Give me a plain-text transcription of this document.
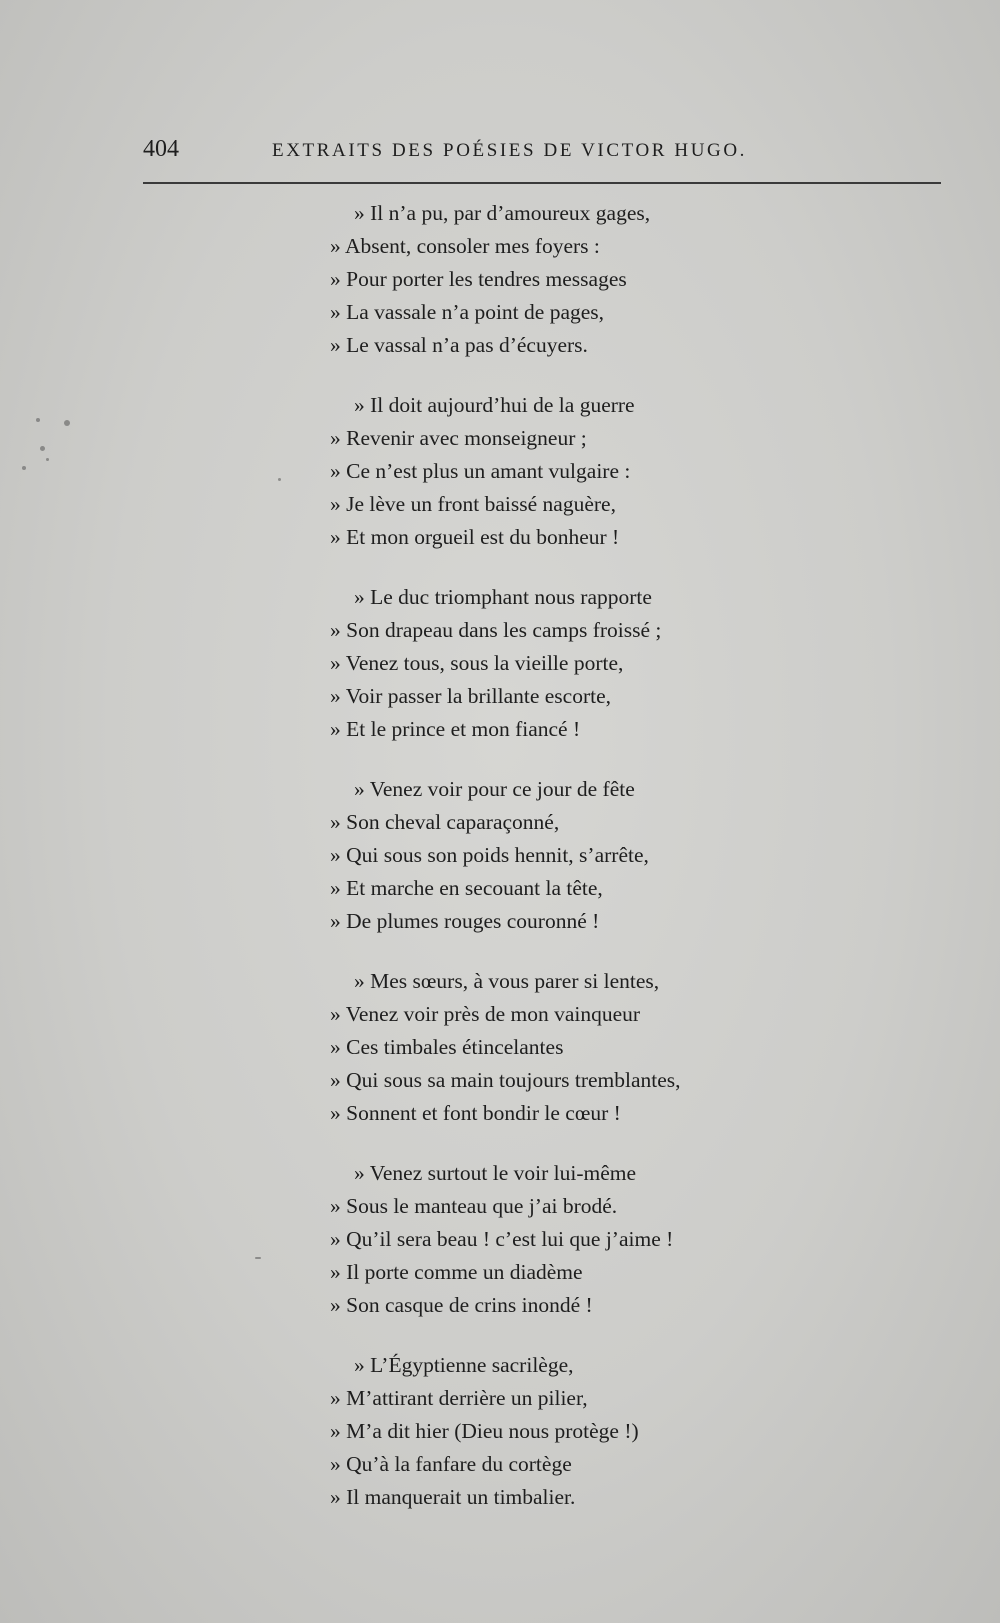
404	EXTRAITS DES POÉSIES DE VICTOR HUGO.
» Il n’a pu, par d’amoureux gages,
» Absent, consoler mes foyers :
» Pour porter les tendres messages
» La vassale n’a point de pages,
» Le vassal n’a pas d’écuyers.
» Il doit aujourd’hui de la guerre
» Revenir avec monseigneur ;
» Ce n’est plus un amant vulgaire :
» Je lève un front baissé naguère,
» Et mon orgueil est du bonheur !
» Le duc triomphant nous rapporte
» Son drapeau dans les camps froissé ;
» Venez tous, sous la vieille porte,
» Voir passer la brillante escorte,
» Et le prince et mon fiancé !
» Venez voir pour ce jour de fête
» Son cheval caparaçonné,
» Qui sous son poids hennit, s’arrête,
» Et marche en secouant la tête,
» De plumes rouges couronné !
» Mes sœurs, à vous parer si lentes,
» Venez voir près de mon vainqueur
» Ces timbales étincelantes
» Qui sous sa main toujours tremblantes,
» Sonnent et font bondir le cœur !
» Venez surtout le voir lui-même
» Sous le manteau que j’ai brodé.
» Qu’il sera beau ! c’est lui que j’aime !
» Il porte comme un diadème
» Son casque de crins inondé !
» L’Égyptienne sacrilège,
» M’attirant derrière un pilier,
» M’a dit hier (Dieu nous protège !)
» Qu’à la fanfare du cortège
» Il manquerait un timbalier.
